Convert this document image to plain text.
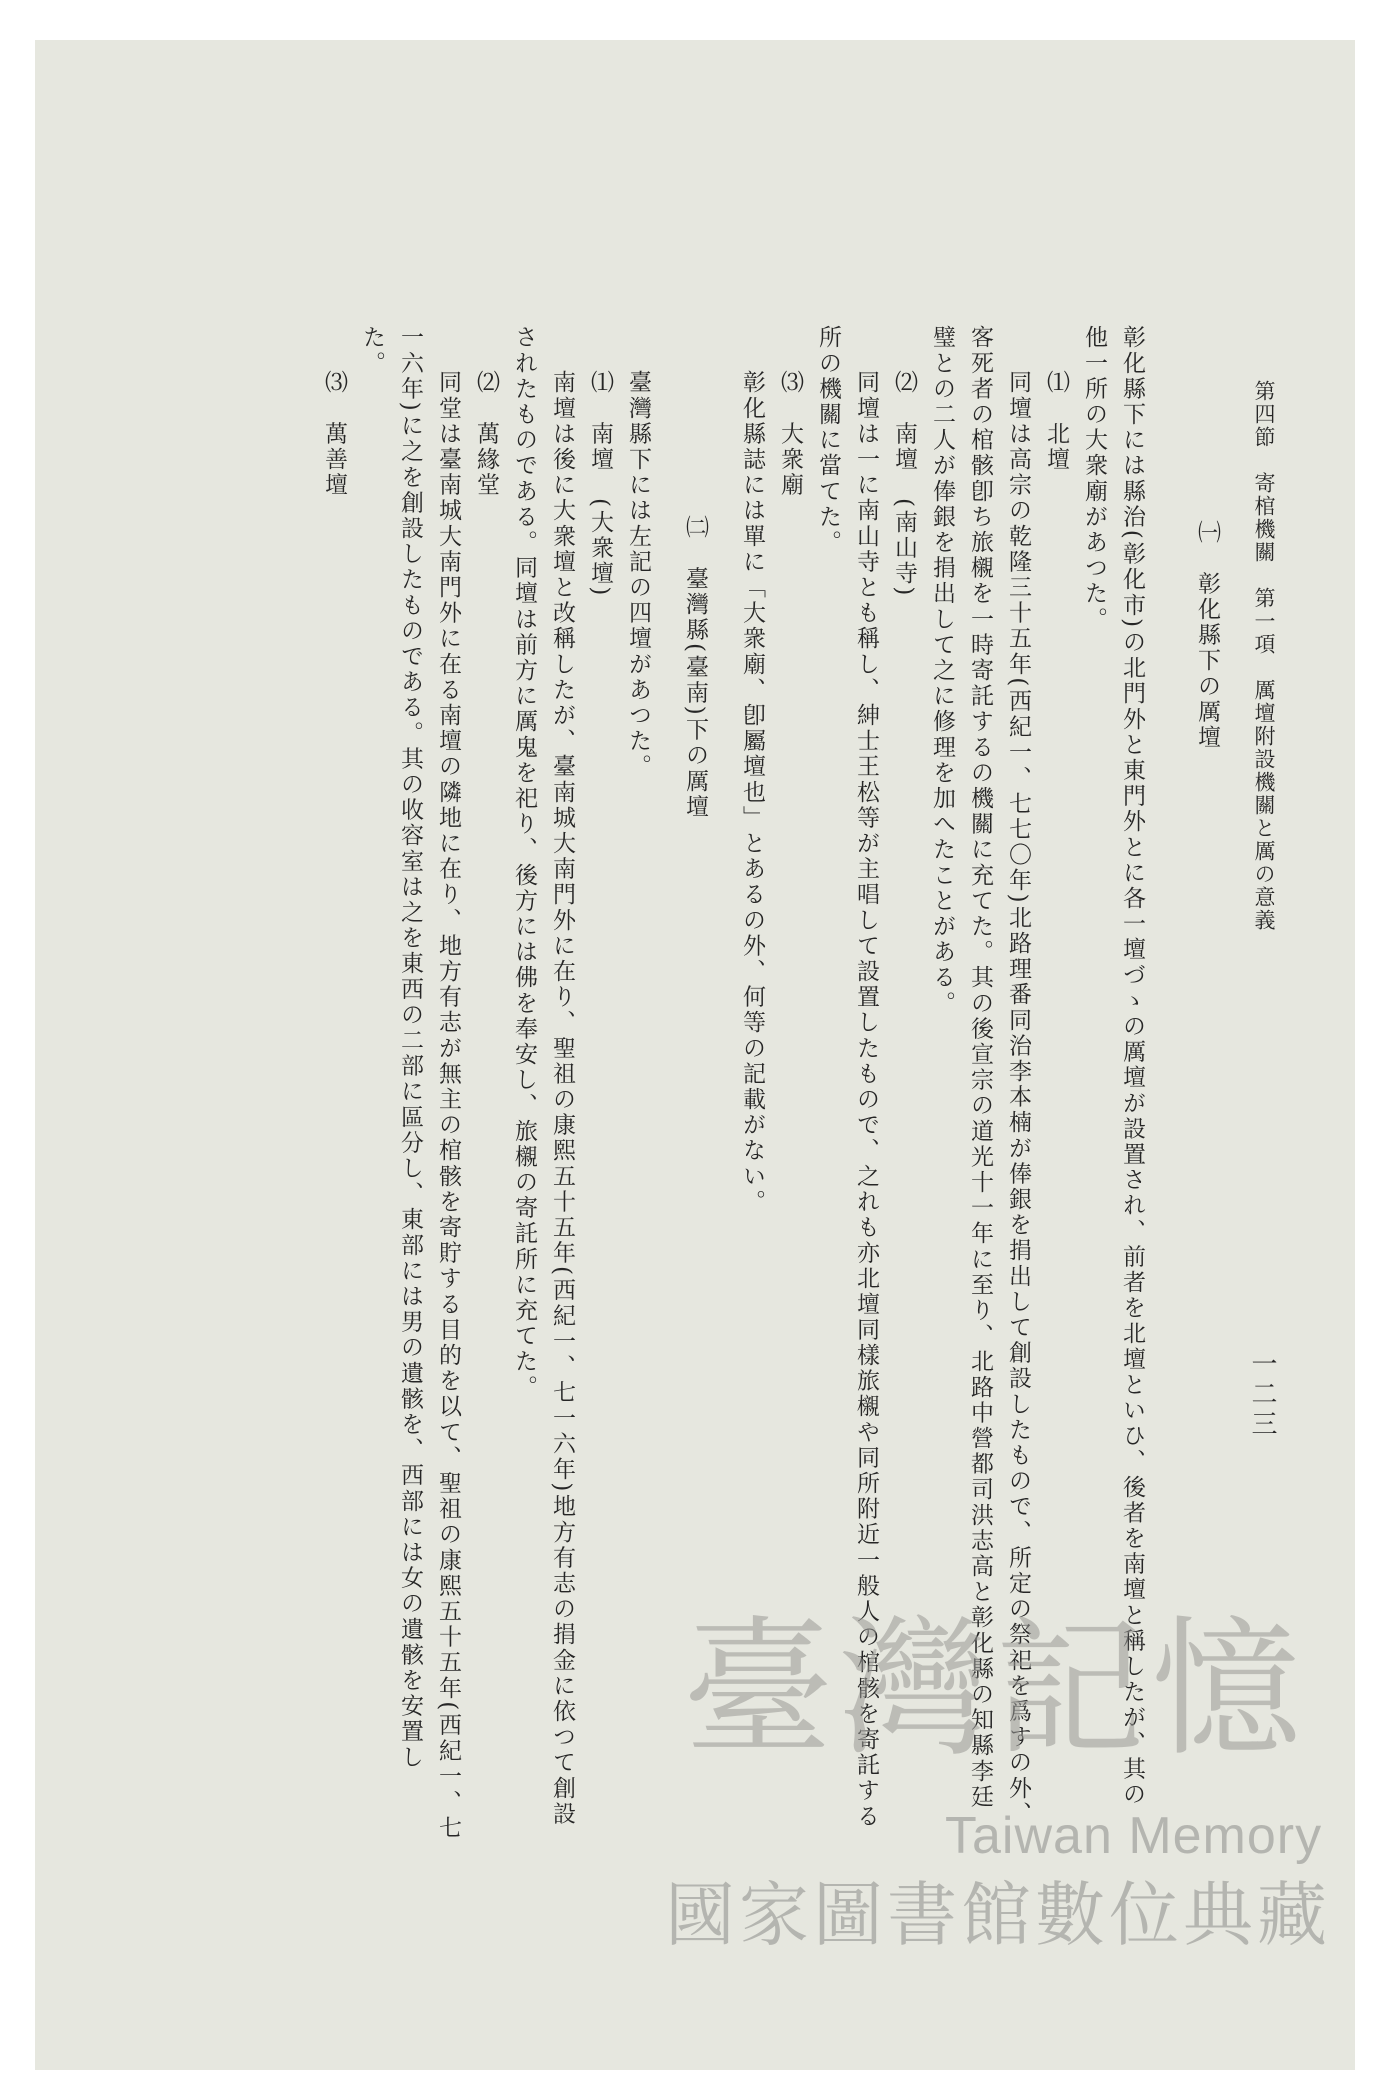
第四節　寄棺機關　第一項　厲壇附設機關と厲の意義
一二三
㈠　彰化縣下の厲壇
彰化縣下には縣治(彰化市)の北門外と東門外とに各一壇づゝの厲壇が設置され、前者を北壇といひ、後者を南壇と稱したが、其の
他一所の大衆廟があつた。
⑴　北壇
同壇は高宗の乾隆三十五年(西紀一、七七〇年)北路理番同治李本楠が俸銀を捐出して創設したもので、所定の祭祀を爲すの外、
客死者の棺骸卽ち旅櫬を一時寄託するの機關に充てた。其の後宣宗の道光十一年に至り、北路中營都司洪志高と彰化縣の知縣李廷
璧との二人が俸銀を捐出して之に修理を加へたことがある。
⑵　南壇　(南山寺)
同壇は一に南山寺とも稱し、紳士王松等が主唱して設置したもので、之れも亦北壇同樣旅櫬や同所附近一般人の棺骸を寄託する
所の機關に當てた。
⑶　大衆廟
彰化縣誌には單に「大衆廟、卽屬壇也」とあるの外、何等の記載がない。
㈡　臺灣縣(臺南)下の厲壇
臺灣縣下には左記の四壇があつた。
⑴　南壇　(大衆壇)
南壇は後に大衆壇と改稱したが、臺南城大南門外に在り、聖祖の康熙五十五年(西紀一、七一六年)地方有志の捐金に依つて創設
されたものである。同壇は前方に厲鬼を祀り、後方には佛を奉安し、旅櫬の寄託所に充てた。
⑵　萬緣堂
同堂は臺南城大南門外に在る南壇の隣地に在り、地方有志が無主の棺骸を寄貯する目的を以て、聖祖の康熙五十五年(西紀一、七
一六年)に之を創設したものである。其の收容室は之を東西の二部に區分し、東部には男の遺骸を、西部には女の遺骸を安置し
た。
⑶　萬善壇
臺灣記憶
Taiwan Memory
國家圖書館數位典藏
